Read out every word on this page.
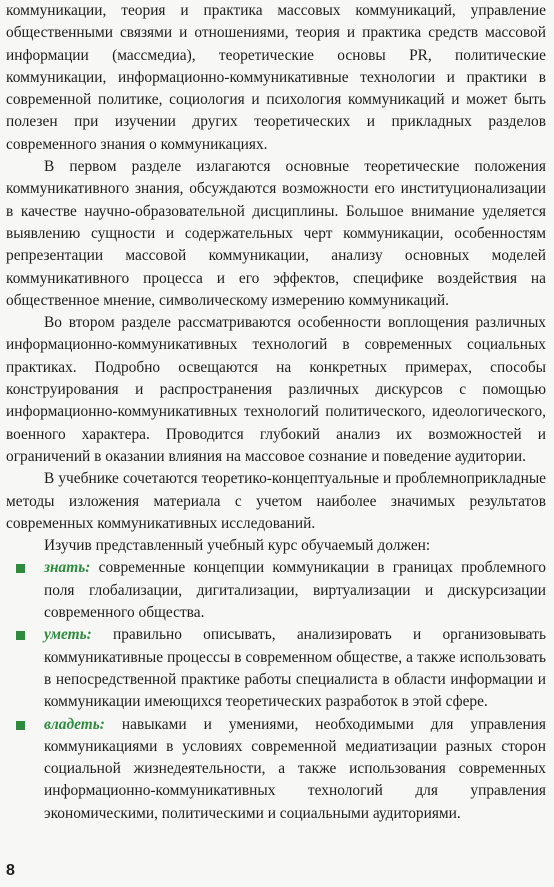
коммуникации, теория и практика массовых коммуникаций, управление общественными связями и отношениями, теория и практика средств массовой информации (массмедиа), теоретические основы PR, политические коммуникации, информационно-коммуникативные технологии и практики в современной политике, социология и психология коммуникаций и может быть полезен при изучении других теоретических и прикладных разделов современного знания о коммуникациях.

В первом разделе излагаются основные теоретические положения коммуникативного знания, обсуждаются возможности его институционализации в качестве научно-образовательной дисциплины. Большое внимание уделяется выявлению сущности и содержательных черт коммуникации, особенностям репрезентации массовой коммуникации, анализу основных моделей коммуникативного процесса и его эффектов, специфике воздействия на общественное мнение, символическому измерению коммуникаций.

Во втором разделе рассматриваются особенности воплощения различных информационно-коммуникативных технологий в современных социальных практиках. Подробно освещаются на конкретных примерах, способы конструирования и распространения различных дискурсов с помощью информационно-коммуникативных технологий политического, идеологического, военного характера. Проводится глубокий анализ их возможностей и ограничений в оказании влияния на массовое сознание и поведение аудитории.

В учебнике сочетаются теоретико-концептуальные и проблемноприкладные методы изложения материала с учетом наиболее значимых результатов современных коммуникативных исследований.

Изучив представленный учебный курс обучаемый должен:

знать: современные концепции коммуникации в границах проблемного поля глобализации, дигитализации, виртуализации и дискурсизации современного общества.
уметь: правильно описывать, анализировать и организовывать коммуникативные процессы в современном обществе, а также использовать в непосредственной практике работы специалиста в области информации и коммуникации имеющихся теоретических разработок в этой сфере.
владеть: навыками и умениями, необходимыми для управления коммуникациями в условиях современной медиатизации разных сторон социальной жизнедеятельности, а также использования современных информационно-коммуникативных технологий для управления экономическими, политическими и социальными аудиториями.
8
